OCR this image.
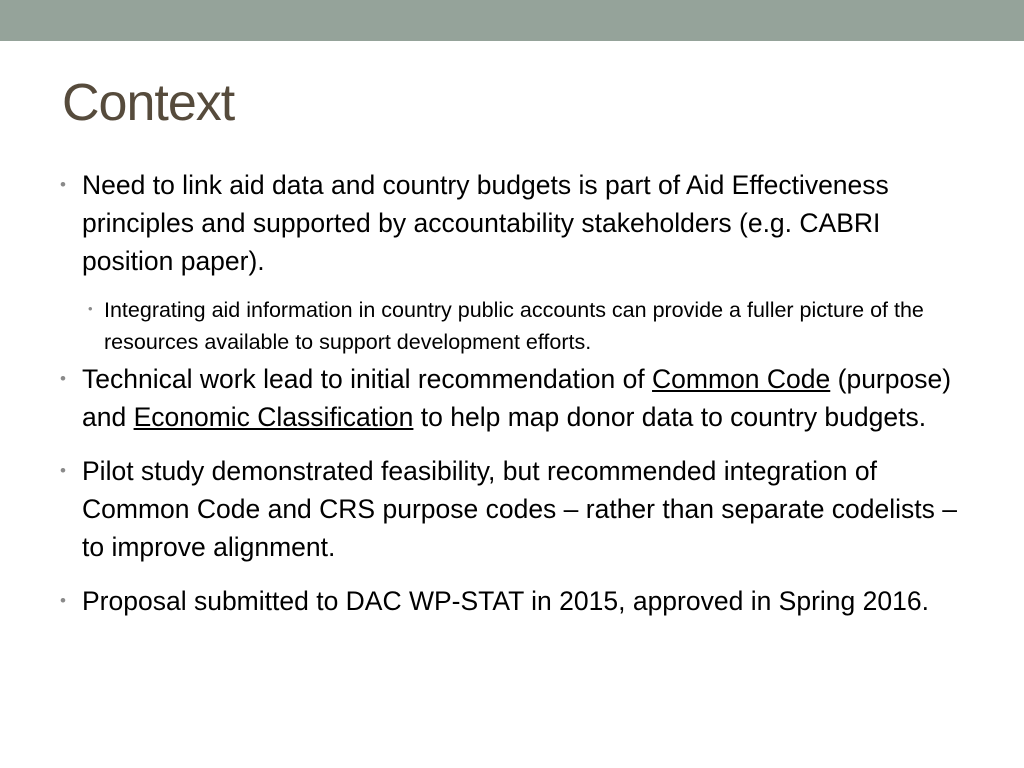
Context
• Need to link aid data and country budgets is part of Aid Effectiveness principles and supported by accountability stakeholders (e.g. CABRI position paper).
• Integrating aid information in country public accounts can provide a fuller picture of the resources available to support development efforts.
• Technical work lead to initial recommendation of Common Code (purpose) and Economic Classification to help map donor data to country budgets.
• Pilot study demonstrated feasibility, but recommended integration of Common Code and CRS purpose codes – rather than separate codelists – to improve alignment.
• Proposal submitted to DAC WP-STAT in 2015, approved in Spring 2016.
